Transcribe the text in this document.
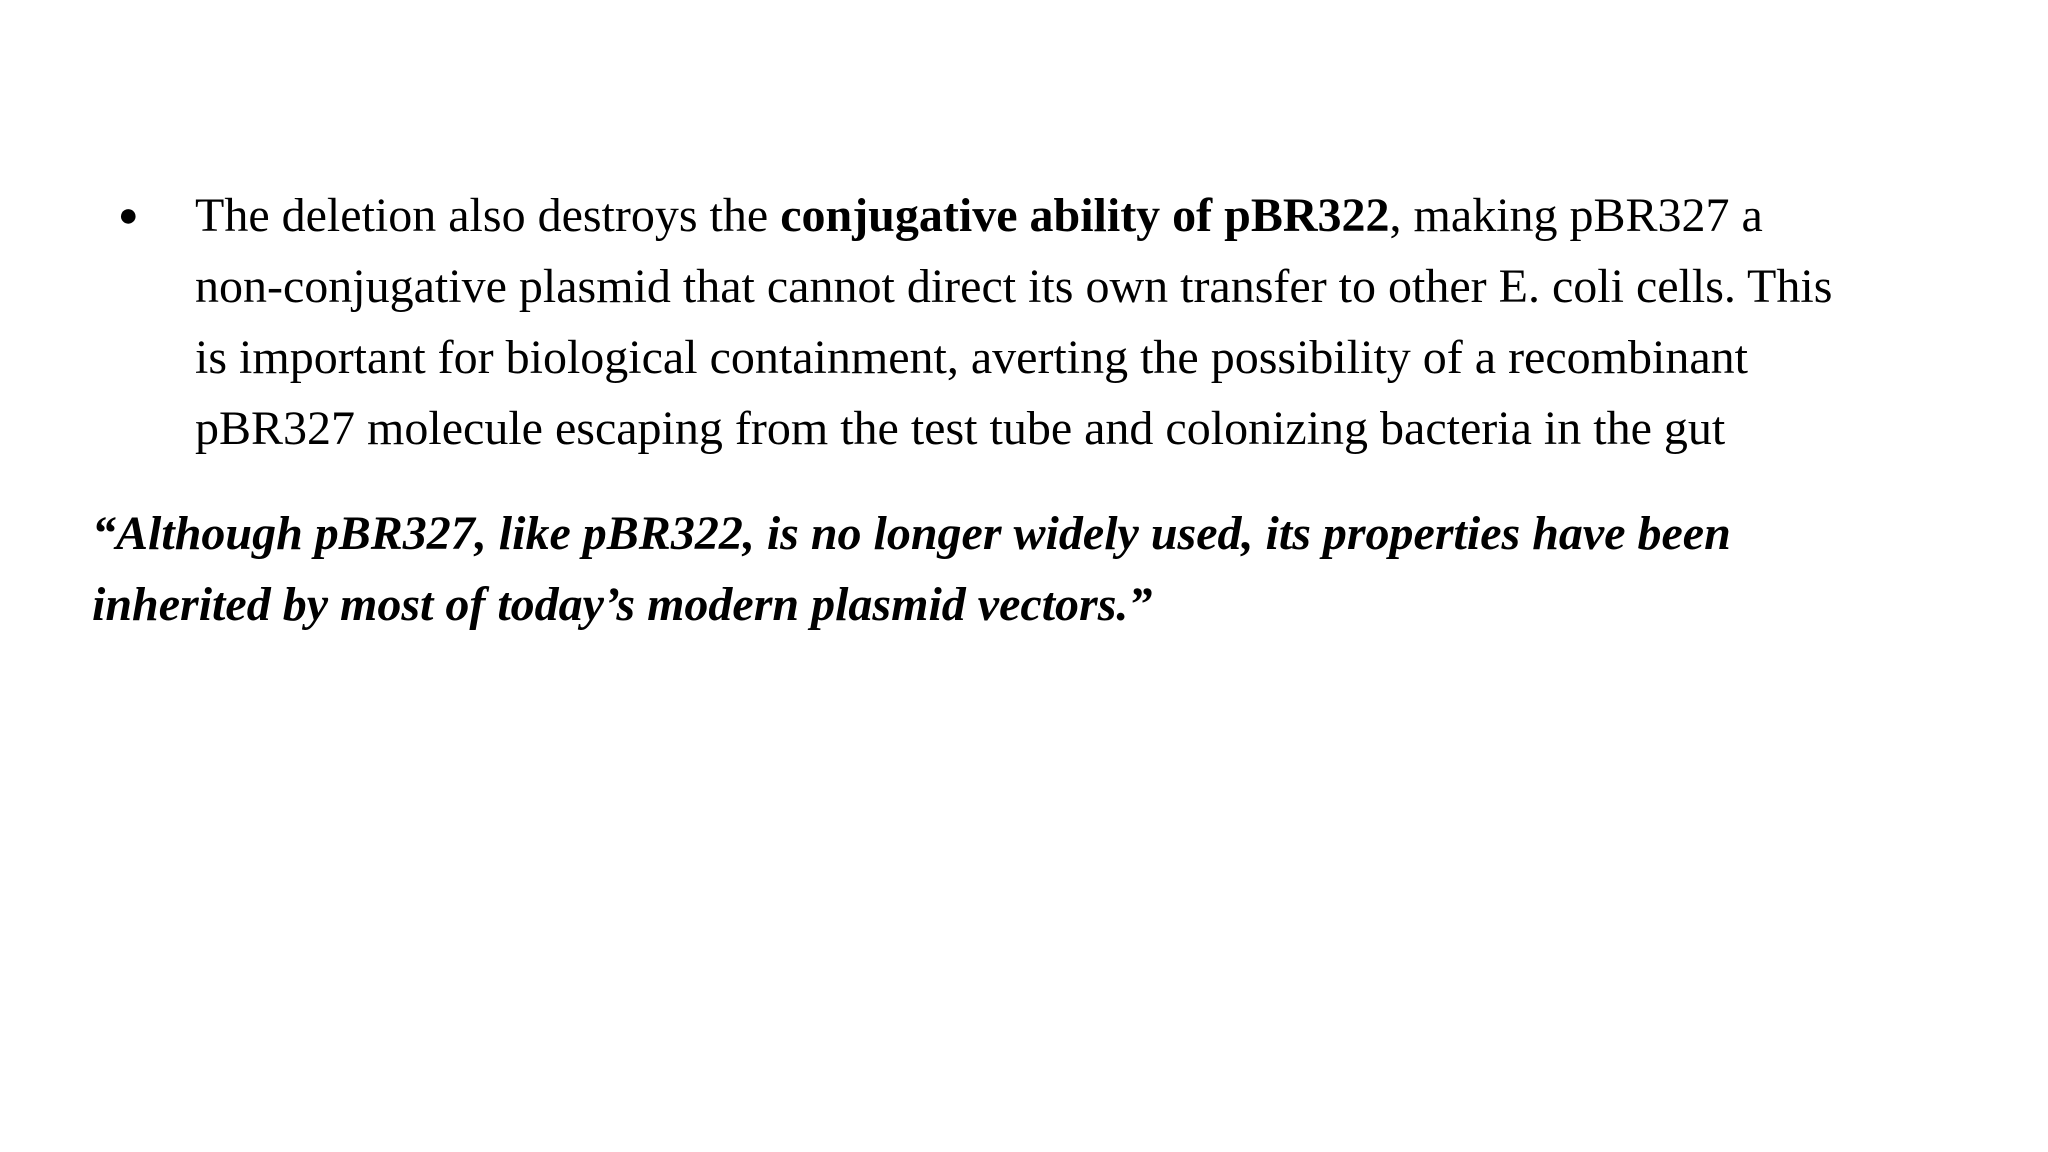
● The deletion also destroys the conjugative ability of pBR322, making pBR327 a
non-conjugative plasmid that cannot direct its own transfer to other E. coli cells. This
is important for biological containment, averting the possibility of a recombinant
pBR327 molecule escaping from the test tube and colonizing bacteria in the gut
“Although pBR327, like pBR322, is no longer widely used, its properties have been
inherited by most of today’s modern plasmid vectors.”
